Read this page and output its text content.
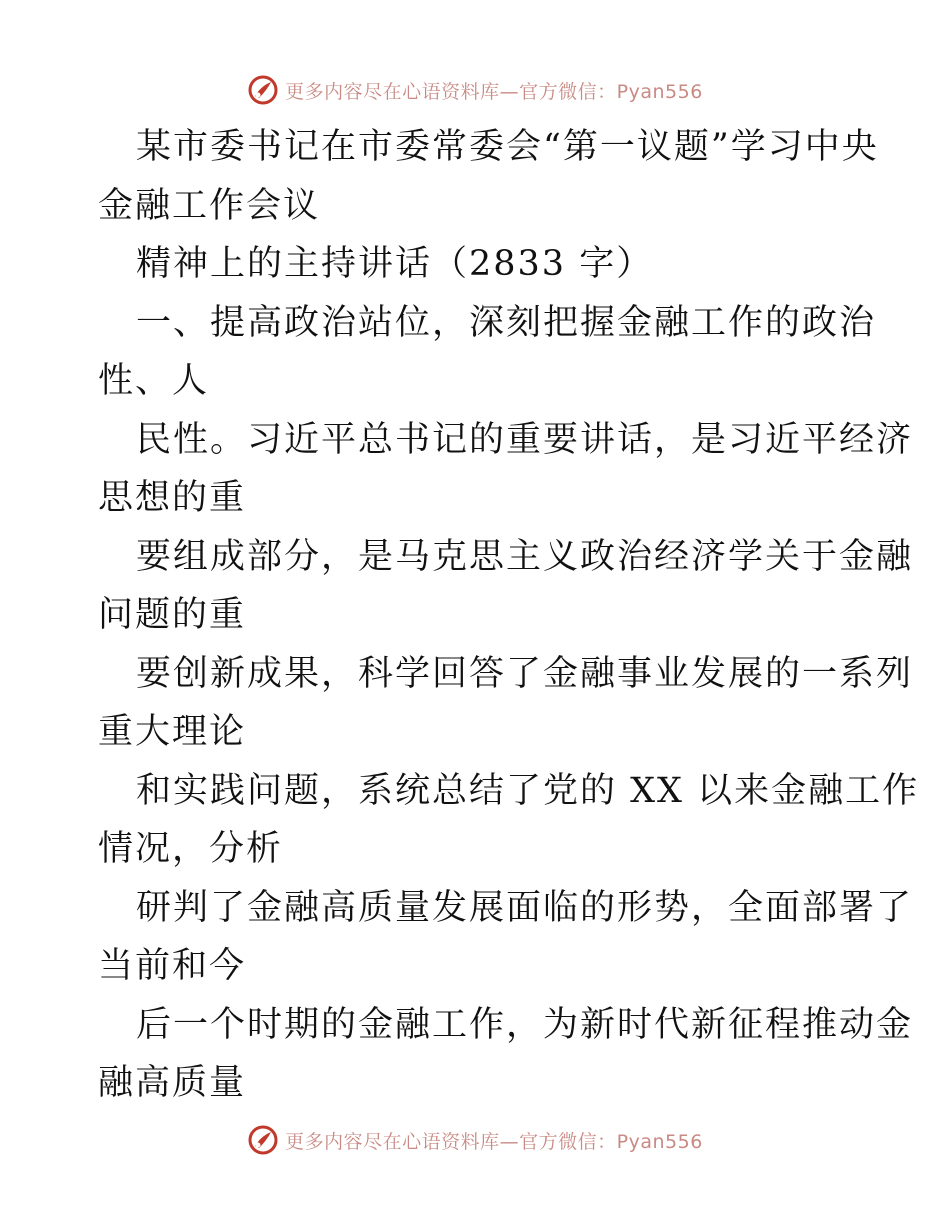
更多内容尽在心语资料库—官方微信：Pyan556
某市委书记在市委常委会“第一议题”学习中央
金融工作会议
精神上的主持讲话（2833 字）
一、提高政治站位，深刻把握金融工作的政治
性、人
民性。习近平总书记的重要讲话，是习近平经济
思想的重
要组成部分，是马克思主义政治经济学关于金融
问题的重
要创新成果，科学回答了金融事业发展的一系列
重大理论
和实践问题，系统总结了党的 XX 以来金融工作
情况，分析
研判了金融高质量发展面临的形势，全面部署了
当前和今
后一个时期的金融工作，为新时代新征程推动金
融高质量
更多内容尽在心语资料库—官方微信：Pyan556
